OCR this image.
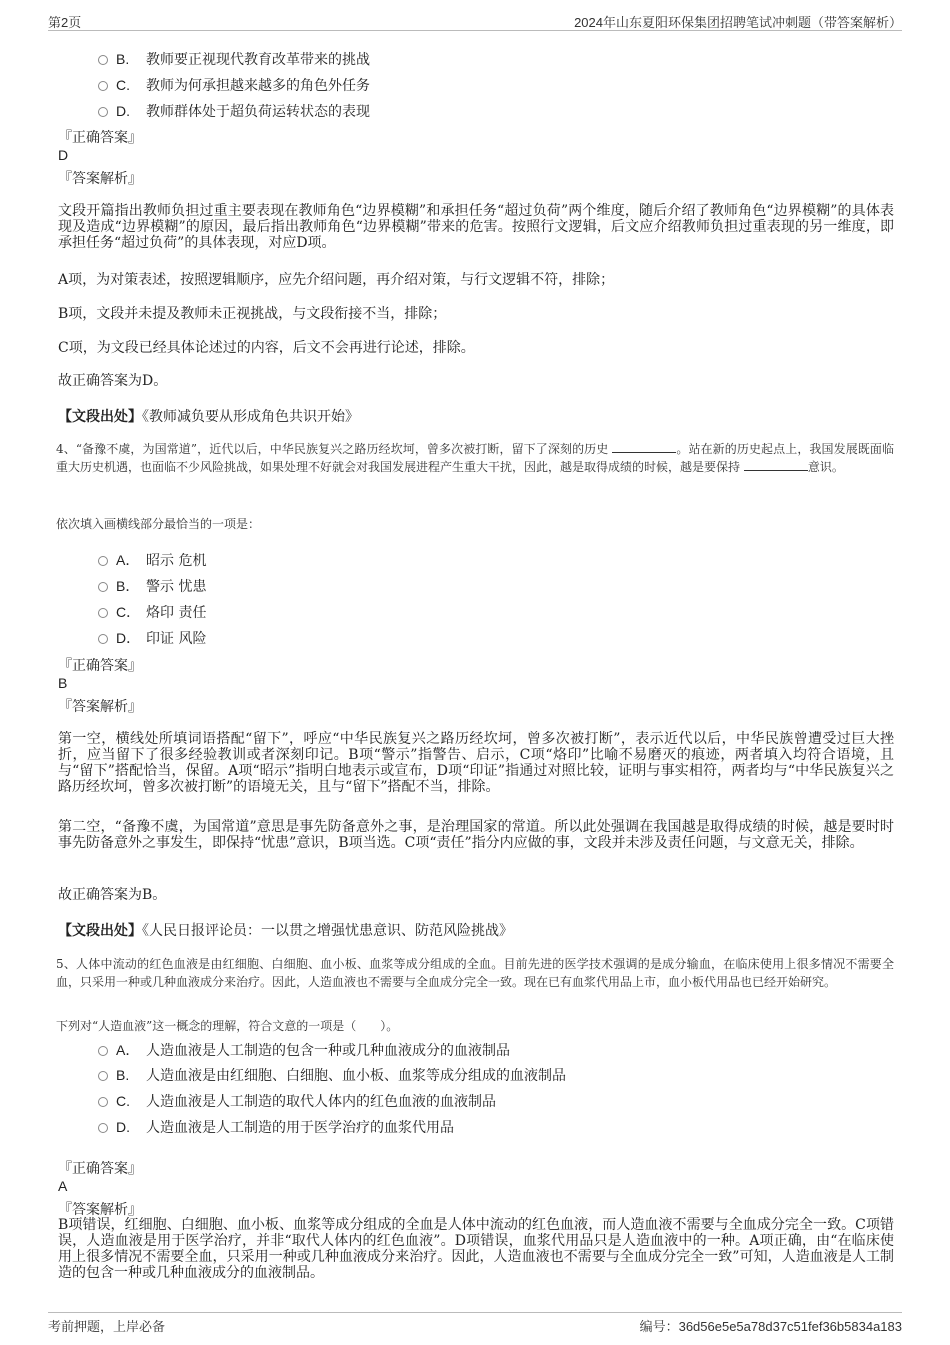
第2页	2024年山东夏阳环保集团招聘笔试冲刺题（带答案解析）
B. 教师要正视现代教育改革带来的挑战
C. 教师为何承担越来越多的角色外任务
D. 教师群体处于超负荷运转状态的表现
『正确答案』
D
『答案解析』
文段开篇指出教师负担过重主要表现在教师角色“边界模糊”和承担任务“超过负荷”两个维度，随后介绍了教师角色“边界模糊”的具体表现及造成“边界模糊”的原因，最后指出教师角色“边界模糊”带来的危害。按照行文逻辑，后文应介绍教师负担过重表现的另一维度，即承担任务“超过负荷”的具体表现，对应D项。
A项，为对策表述，按照逻辑顺序，应先介绍问题，再介绍对策，与行文逻辑不符，排除；
B项，文段并未提及教师未正视挑战，与文段衔接不当，排除；
C项，为文段已经具体论述过的内容，后文不会再进行论述，排除。
故正确答案为D。
【文段出处】《教师减负要从形成角色共识开始》
4、“备豫不虞，为国常道”，近代以后，中华民族复兴之路历经坎坷，曾多次被打断，留下了深刻的历史	。站在新的历史起点上，我国发展既面临重大历史机遇，也面临不少风险挑战，如果处理不好就会对我国发展进程产生重大干扰，因此，越是取得成绩的时候，越是要保持	意识。
依次填入画横线部分最恰当的一项是：
A． 昭示 危机
B． 警示 忧患
C． 烙印 责任
D． 印证 风险
『正确答案』
B
『答案解析』
第一空，横线处所填词语搭配“留下”，呼应“中华民族复兴之路历经坎坷，曾多次被打断”，表示近代以后，中华民族曾遭受过巨大挫折，应当留下了很多经验教训或者深刻印记。B项“警示”指警告、启示，C项“烙印”比喻不易磨灭的痕迹，两者填入均符合语境，且与“留下”搭配恰当，保留。A项“昭示”指明白地表示或宣布，D项“印证”指通过对照比较，证明与事实相符，两者均与“中华民族复兴之路历经坎坷，曾多次被打断”的语境无关，且与“留下”搭配不当，排除。
第二空，“备豫不虞，为国常道”意思是事先防备意外之事，是治理国家的常道。所以此处强调在我国越是取得成绩的时候，越是要时时事先防备意外之事发生，即保持“忧患”意识，B项当选。C项“责任”指分内应做的事，文段并未涉及责任问题，与文意无关，排除。
故正确答案为B。
【文段出处】《人民日报评论员：一以贯之增强忧患意识、防范风险挑战》
5、人体中流动的红色血液是由红细胞、白细胞、血小板、血浆等成分组成的全血。目前先进的医学技术强调的是成分输血，在临床使用上很多情况不需要全血，只采用一种或几种血液成分来治疗。因此，人造血液也不需要与全血成分完全一致。现在已有血浆代用品上市，血小板代用品也已经开始研究。
下列对“人造血液”这一概念的理解，符合文意的一项是（　　）。
A． 人造血液是人工制造的包含一种或几种血液成分的血液制品
B. 人造血液是由红细胞、白细胞、血小板、血浆等成分组成的血液制品
C. 人造血液是人工制造的取代人体内的红色血液的血液制品
D. 人造血液是人工制造的用于医学治疗的血浆代用品
『正确答案』
A
『答案解析』
B项错误，红细胞、白细胞、血小板、血浆等成分组成的全血是人体中流动的红色血液，而人造血液不需要与全血成分完全一致。C项错误，人造血液是用于医学治疗，并非“取代人体内的红色血液”。D项错误，血浆代用品只是人造血液中的一种。A项正确，由“在临床使用上很多情况不需要全血，只采用一种或几种血液成分来治疗。因此，人造血液也不需要与全血成分完全一致”可知，人造血液是人工制造的包含一种或几种血液成分的血液制品。
考前押题，上岸必备	编号：36d56e5e5a78d37c51fef36b5834a183
